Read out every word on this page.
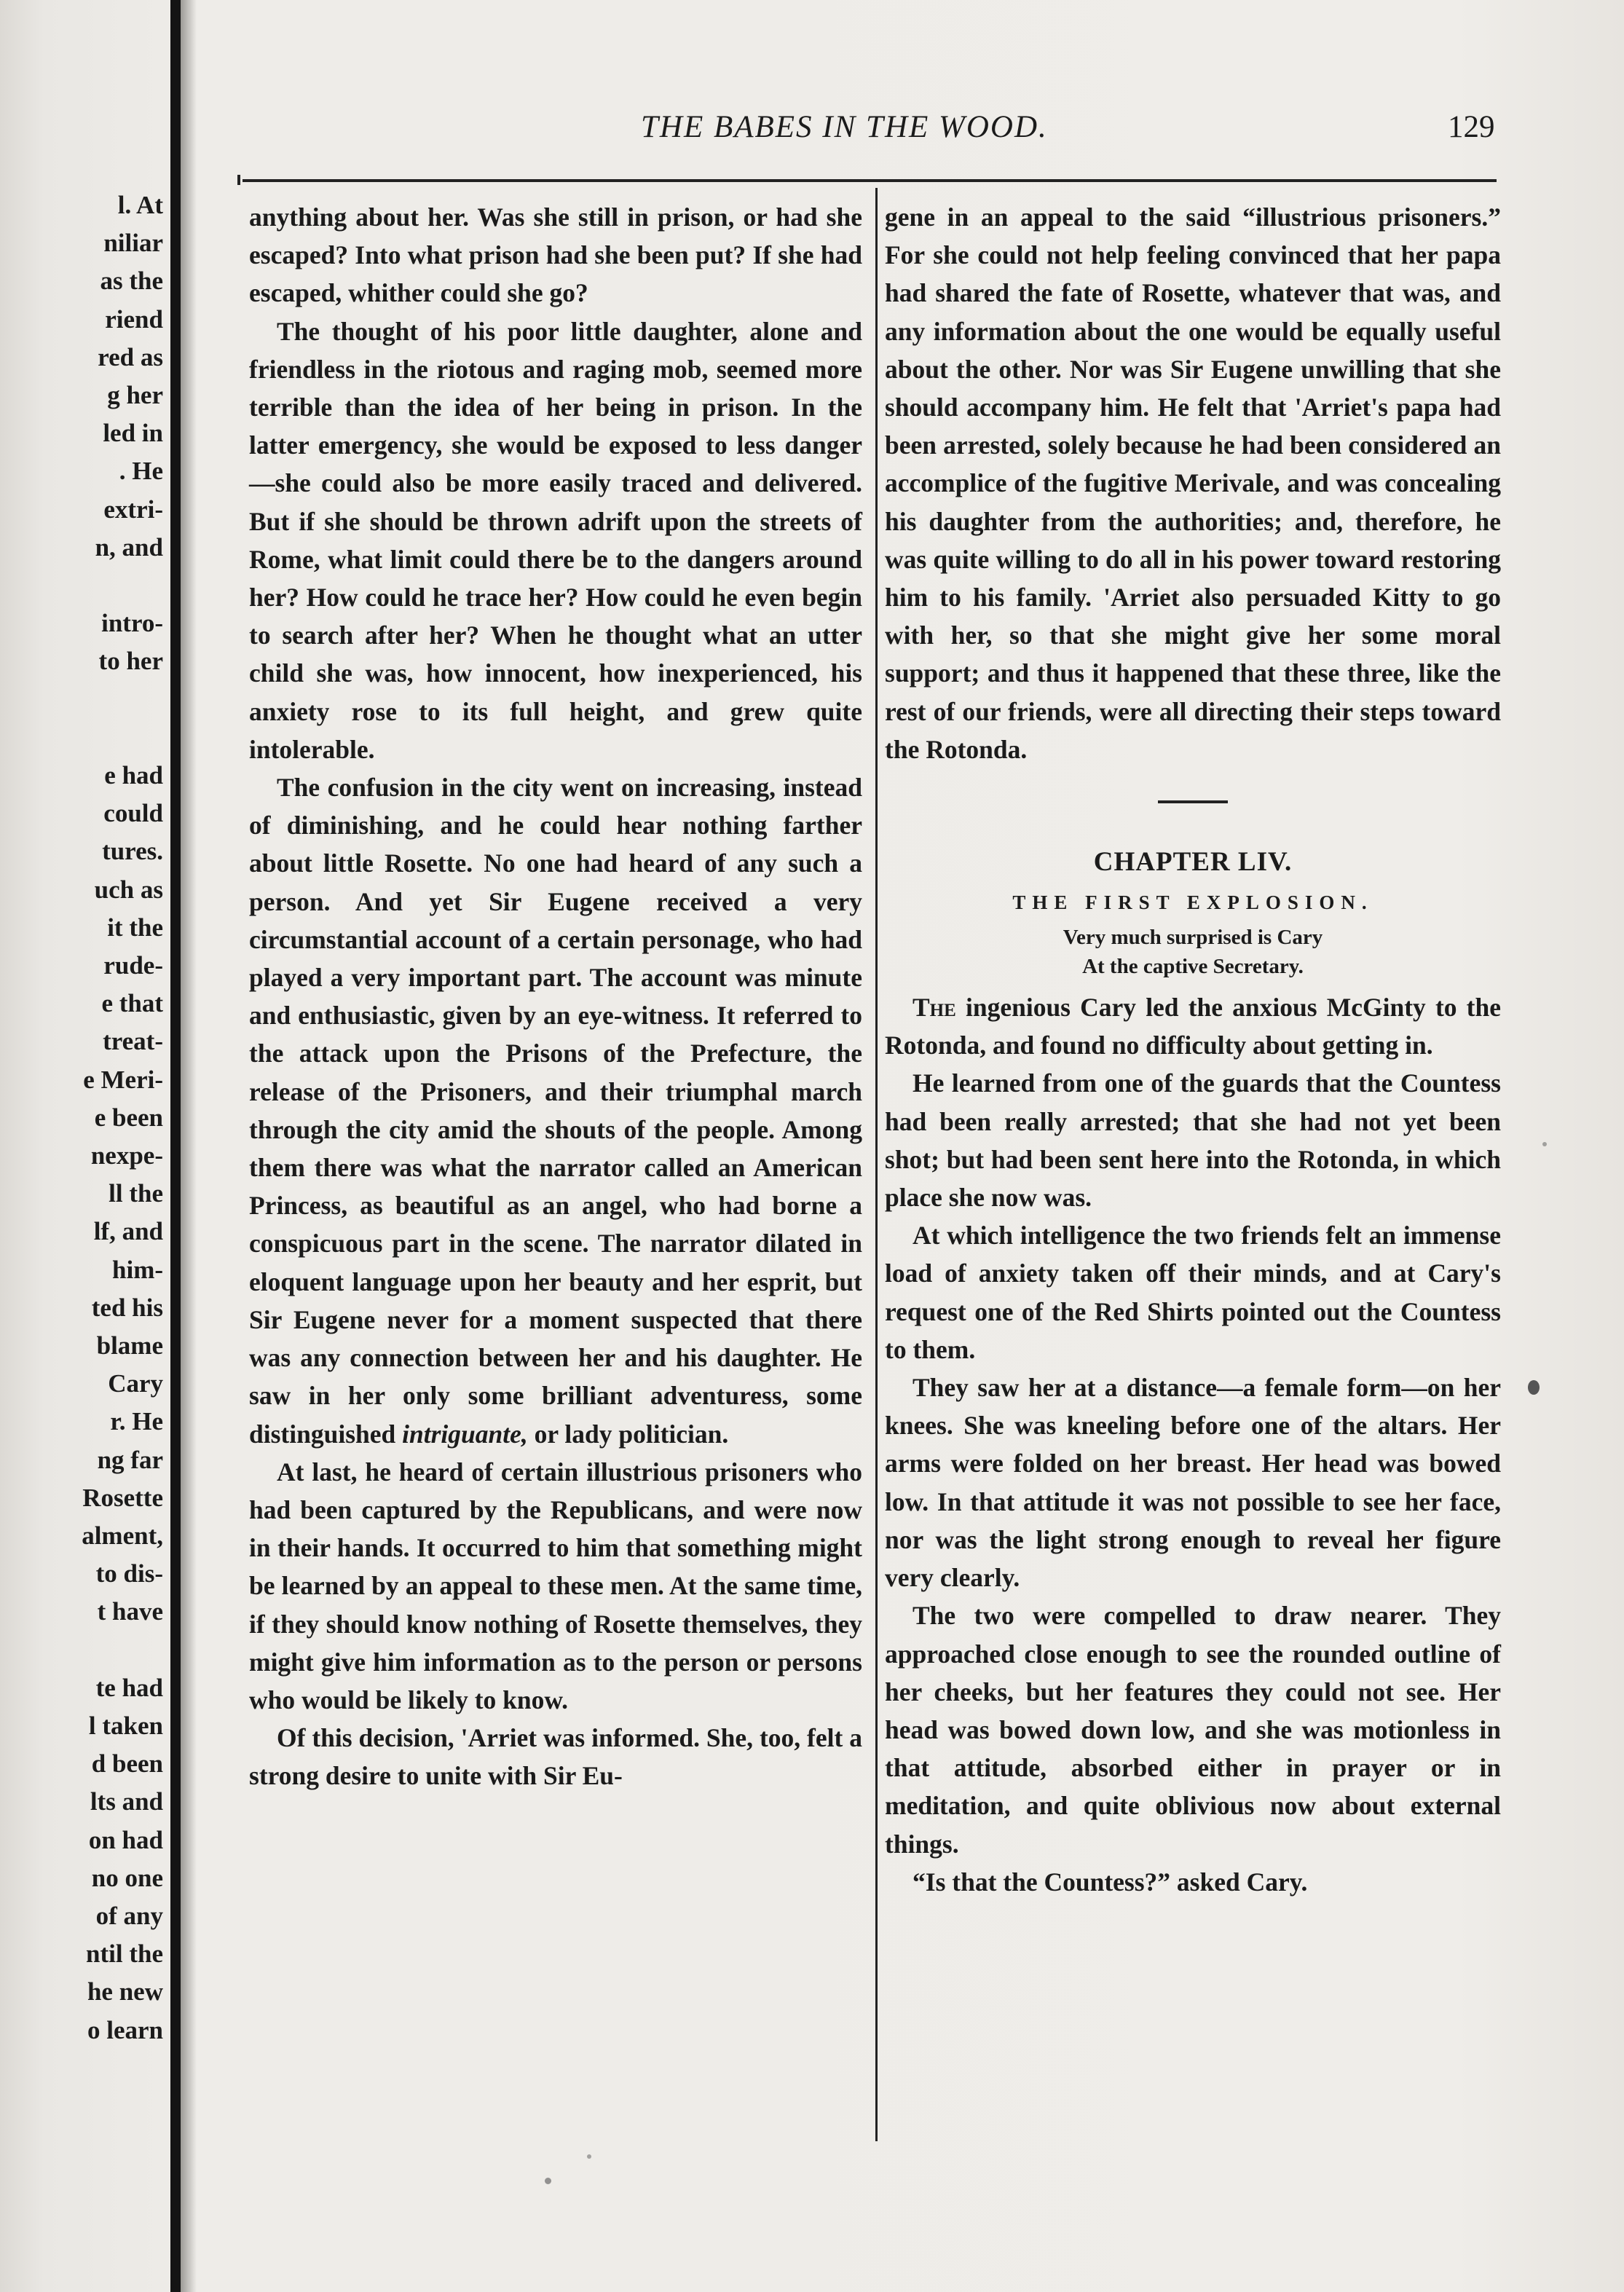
l. At
niliar
as the
riend
red as
g her
led in
. He
extri-
n, and
intro-
to her
e had
could
tures.
uch as
it the
rude-
e that
treat-
e Meri-
e been
nexpe-
ll the
lf, and
him-
ted his
blame
Cary
r. He
ng far
Rosette
alment,
to dis-
t have
te had
l taken
d been
lts and
on had
no one
of any
ntil the
he new
o learn
THE BABES IN THE WOOD.	129

anything about her. Was she still in prison, or had she escaped? Into what prison had she been put? If she had escaped, whither could she go?

The thought of his poor little daughter, alone and friendless in the riotous and raging mob, seemed more terrible than the idea of her being in prison. In the latter emergency, she would be exposed to less danger—she could also be more easily traced and delivered. But if she should be thrown adrift upon the streets of Rome, what limit could there be to the dangers around her? How could he trace her? How could he even begin to search after her? When he thought what an utter child she was, how innocent, how inexperienced, his anxiety rose to its full height, and grew quite intolerable.

The confusion in the city went on increasing, instead of diminishing, and he could hear nothing farther about little Rosette. No one had heard of any such a person. And yet Sir Eugene received a very circumstantial account of a certain personage, who had played a very important part. The account was minute and enthusiastic, given by an eye-witness. It referred to the attack upon the Prisons of the Prefecture, the release of the Prisoners, and their triumphal march through the city amid the shouts of the people. Among them there was what the narrator called an American Princess, as beautiful as an angel, who had borne a conspicuous part in the scene. The narrator dilated in eloquent language upon her beauty and her esprit, but Sir Eugene never for a moment suspected that there was any connection between her and his daughter. He saw in her only some brilliant adventuress, some distinguished intriguante, or lady politician.

At last, he heard of certain illustrious prisoners who had been captured by the Republicans, and were now in their hands. It occurred to him that something might be learned by an appeal to these men. At the same time, if they should know nothing of Rosette themselves, they might give him information as to the person or persons who would be likely to know.

Of this decision, 'Arriet was informed. She, too, felt a strong desire to unite with Sir Eu-

gene in an appeal to the said “illustrious prisoners.” For she could not help feeling convinced that her papa had shared the fate of Rosette, whatever that was, and any information about the one would be equally useful about the other. Nor was Sir Eugene unwilling that she should accompany him. He felt that 'Arriet's papa had been arrested, solely because he had been considered an accomplice of the fugitive Merivale, and was concealing his daughter from the authorities; and, therefore, he was quite willing to do all in his power toward restoring him to his family. 'Arriet also persuaded Kitty to go with her, so that she might give her some moral support; and thus it happened that these three, like the rest of our friends, were all directing their steps toward the Rotonda.

CHAPTER LIV.
THE FIRST EXPLOSION.
Very much surprised is Cary
At the captive Secretary.

The ingenious Cary led the anxious McGinty to the Rotonda, and found no difficulty about getting in.

He learned from one of the guards that the Countess had been really arrested; that she had not yet been shot; but had been sent here into the Rotonda, in which place she now was.

At which intelligence the two friends felt an immense load of anxiety taken off their minds, and at Cary's request one of the Red Shirts pointed out the Countess to them.

They saw her at a distance—a female form—on her knees. She was kneeling before one of the altars. Her arms were folded on her breast. Her head was bowed low. In that attitude it was not possible to see her face, nor was the light strong enough to reveal her figure very clearly.

The two were compelled to draw nearer. They approached close enough to see the rounded outline of her cheeks, but her features they could not see. Her head was bowed down low, and she was motionless in that attitude, absorbed either in prayer or in meditation, and quite oblivious now about external things.

“Is that the Countess?” asked Cary.
